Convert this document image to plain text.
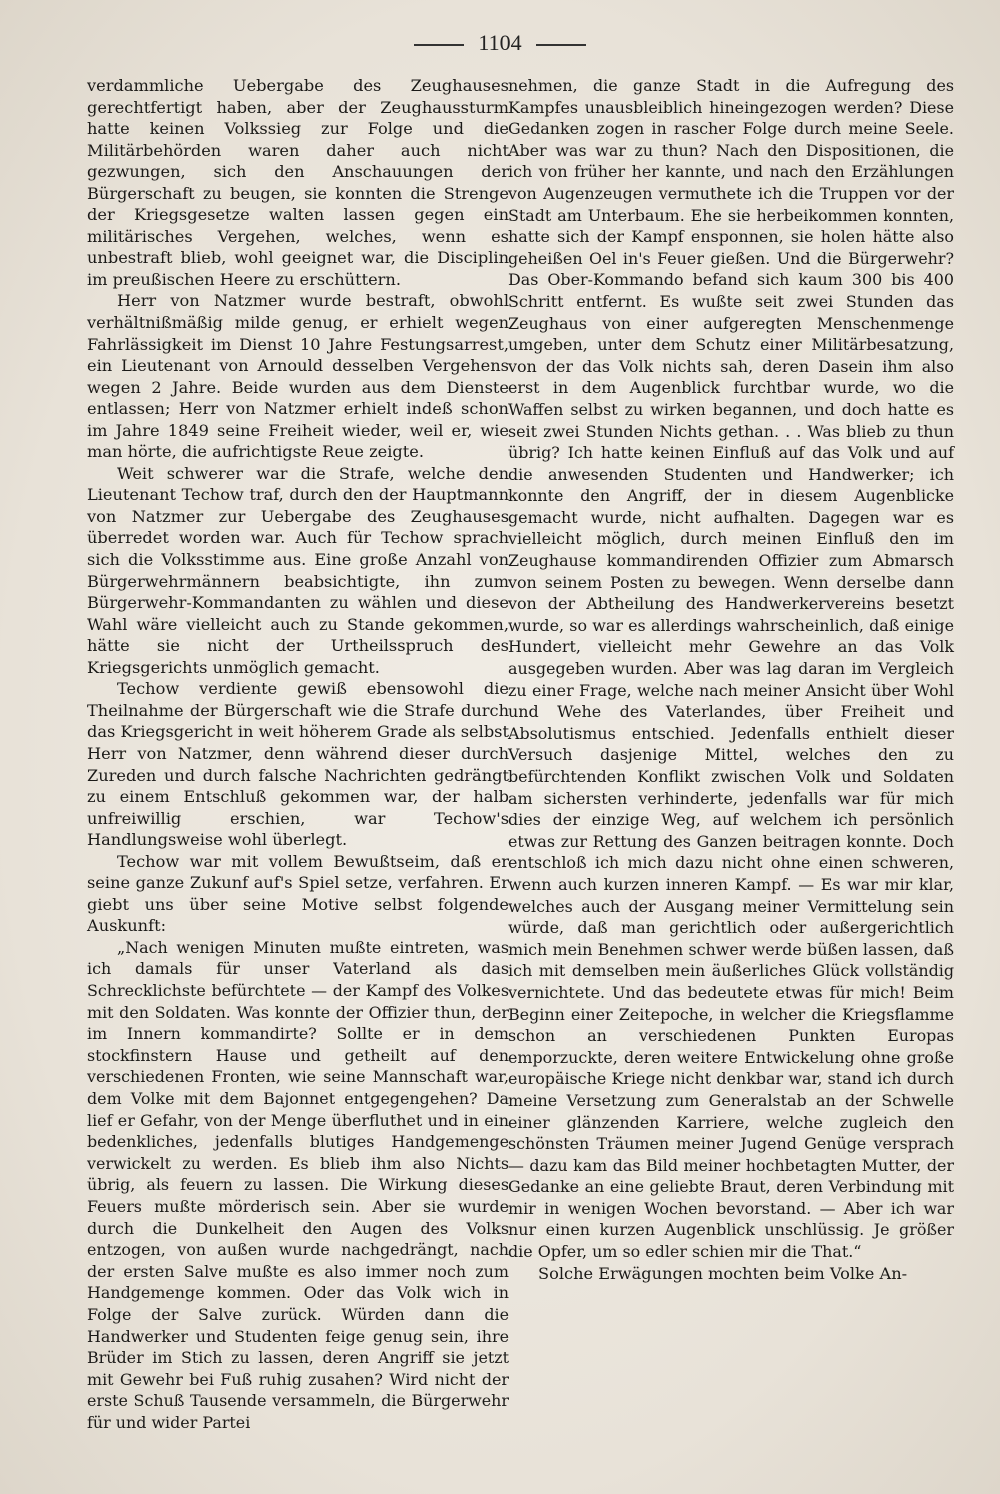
1104

verdammliche Uebergabe des Zeughauses gerechtfertigt haben, aber der Zeughaussturm hatte keinen Volkssieg zur Folge und die Militärbehörden waren daher auch nicht gezwungen, sich den Anschauungen der Bürgerschaft zu beugen, sie konnten die Strenge der Kriegsgesetze walten lassen gegen ein militärisches Vergehen, welches, wenn es unbestraft blieb, wohl geeignet war, die Disciplin im preußischen Heere zu erschüttern.

Herr von Natzmer wurde bestraft, obwohl verhältnißmäßig milde genug, er erhielt wegen Fahrlässigkeit im Dienst 10 Jahre Festungsarrest, ein Lieutenant von Arnould desselben Vergehens wegen 2 Jahre. Beide wurden aus dem Dienste entlassen; Herr von Natzmer erhielt indeß schon im Jahre 1849 seine Freiheit wieder, weil er, wie man hörte, die aufrichtigste Reue zeigte.

Weit schwerer war die Strafe, welche den Lieutenant Techow traf, durch den der Hauptmann von Natzmer zur Uebergabe des Zeughauses überredet worden war. Auch für Techow sprach sich die Volksstimme aus. Eine große Anzahl von Bürgerwehrmännern beabsichtigte, ihn zum Bürgerwehr-Kommandanten zu wählen und diese Wahl wäre vielleicht auch zu Stande gekommen, hätte sie nicht der Urtheilsspruch des Kriegsgerichts unmöglich gemacht.

Techow verdiente gewiß ebensowohl die Theilnahme der Bürgerschaft wie die Strafe durch das Kriegsgericht in weit höherem Grade als selbst Herr von Natzmer, denn während dieser durch Zureden und durch falsche Nachrichten gedrängt zu einem Entschluß gekommen war, der halb unfreiwillig erschien, war Techow's Handlungsweise wohl überlegt.

Techow war mit vollem Bewußtseim, daß er seine ganze Zukunf auf's Spiel setze, verfahren. Er giebt uns über seine Motive selbst folgende Auskunft:

„Nach wenigen Minuten mußte eintreten, was ich damals für unser Vaterland als das Schrecklichste befürchtete — der Kampf des Volkes mit den Soldaten. Was konnte der Offizier thun, der im Innern kommandirte? Sollte er in dem stockfinstern Hause und getheilt auf den verschiedenen Fronten, wie seine Mannschaft war, dem Volke mit dem Bajonnet entgegengehen? Da lief er Gefahr, von der Menge überfluthet und in ein bedenkliches, jedenfalls blutiges Handgemenge verwickelt zu werden. Es blieb ihm also Nichts übrig, als feuern zu lassen. Die Wirkung dieses Feuers mußte mörderisch sein. Aber sie wurde durch die Dunkelheit den Augen des Volks entzogen, von außen wurde nachgedrängt, nach der ersten Salve mußte es also immer noch zum Handgemenge kommen. Oder das Volk wich in Folge der Salve zurück. Würden dann die Handwerker und Studenten feige genug sein, ihre Brüder im Stich zu lassen, deren Angriff sie jetzt mit Gewehr bei Fuß ruhig zusahen? Wird nicht der erste Schuß Tausende versammeln, die Bürgerwehr für und wider Partei

nehmen, die ganze Stadt in die Aufregung des Kampfes unausbleiblich hineingezogen werden? Diese Gedanken zogen in rascher Folge durch meine Seele. Aber was war zu thun? Nach den Dispositionen, die ich von früher her kannte, und nach den Erzählungen von Augenzeugen vermuthete ich die Truppen vor der Stadt am Unterbaum. Ehe sie herbeikommen konnten, hatte sich der Kampf ensponnen, sie holen hätte also geheißen Oel in's Feuer gießen. Und die Bürgerwehr? Das Ober-Kommando befand sich kaum 300 bis 400 Schritt entfernt. Es wußte seit zwei Stunden das Zeughaus von einer aufgeregten Menschenmenge umgeben, unter dem Schutz einer Militärbesatzung, von der das Volk nichts sah, deren Dasein ihm also erst in dem Augenblick furchtbar wurde, wo die Waffen selbst zu wirken begannen, und doch hatte es seit zwei Stunden Nichts gethan. . . Was blieb zu thun übrig? Ich hatte keinen Einfluß auf das Volk und auf die anwesenden Studenten und Handwerker; ich konnte den Angriff, der in diesem Augenblicke gemacht wurde, nicht aufhalten. Dagegen war es vielleicht möglich, durch meinen Einfluß den im Zeughause kommandirenden Offizier zum Abmarsch von seinem Posten zu bewegen. Wenn derselbe dann von der Abtheilung des Handwerkervereins besetzt wurde, so war es allerdings wahrscheinlich, daß einige Hundert, vielleicht mehr Gewehre an das Volk ausgegeben wurden. Aber was lag daran im Vergleich zu einer Frage, welche nach meiner Ansicht über Wohl und Wehe des Vaterlandes, über Freiheit und Absolutismus entschied. Jedenfalls enthielt dieser Versuch dasjenige Mittel, welches den zu befürchtenden Konflikt zwischen Volk und Soldaten am sichersten verhinderte, jedenfalls war für mich dies der einzige Weg, auf welchem ich persönlich etwas zur Rettung des Ganzen beitragen konnte. Doch entschloß ich mich dazu nicht ohne einen schweren, wenn auch kurzen inneren Kampf. — Es war mir klar, welches auch der Ausgang meiner Vermittelung sein würde, daß man gerichtlich oder außergerichtlich mich mein Benehmen schwer werde büßen lassen, daß ich mit demselben mein äußerliches Glück vollständig vernichtete. Und das bedeutete etwas für mich! Beim Beginn einer Zeitepoche, in welcher die Kriegsflamme schon an verschiedenen Punkten Europas emporzuckte, deren weitere Entwickelung ohne große europäische Kriege nicht denkbar war, stand ich durch meine Versetzung zum Generalstab an der Schwelle einer glänzenden Karriere, welche zugleich den schönsten Träumen meiner Jugend Genüge versprach — dazu kam das Bild meiner hochbetagten Mutter, der Gedanke an eine geliebte Braut, deren Verbindung mit mir in wenigen Wochen bevorstand. — Aber ich war nur einen kurzen Augenblick unschlüssig. Je größer die Opfer, um so edler schien mir die That.“

Solche Erwägungen mochten beim Volke An-
